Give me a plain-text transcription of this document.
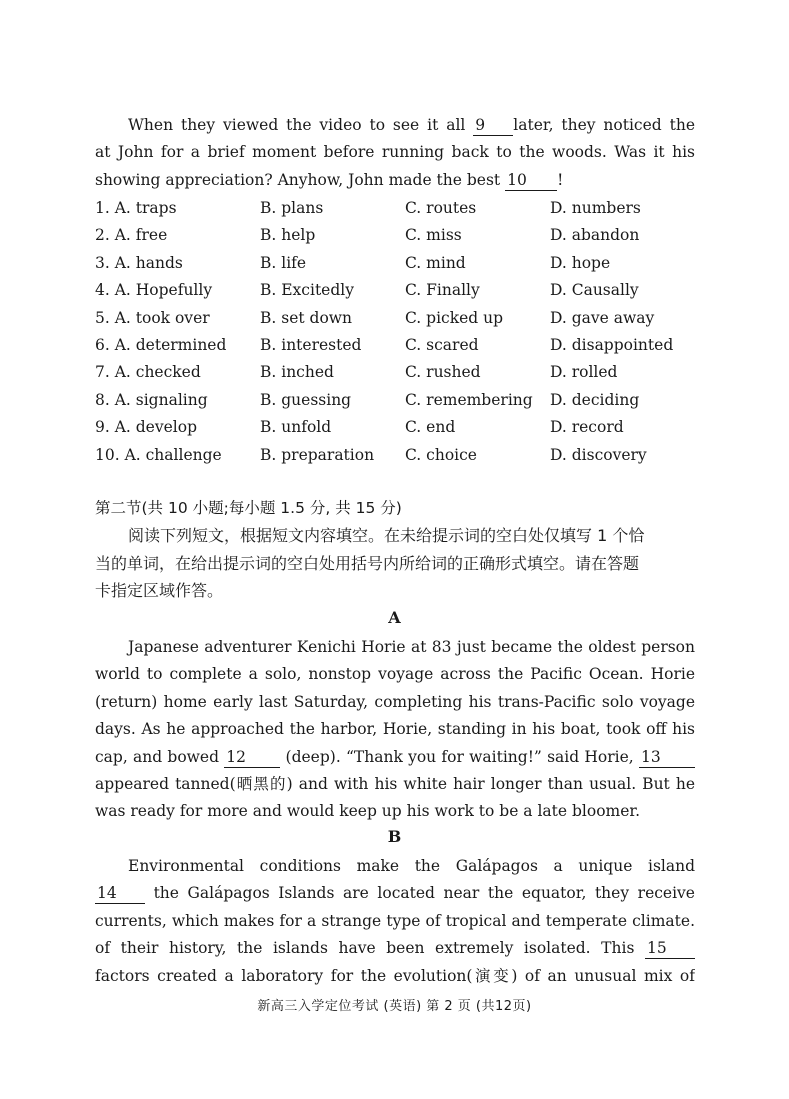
When they viewed the video to see it all 9 later, they noticed the
at John for a brief moment before running back to the woods. Was it his
showing appreciation? Anyhow, John made the best 10 !
1. A. traps	B. plans	C. routes	D. numbers
2. A. free	B. help	C. miss	D. abandon
3. A. hands	B. life	C. mind	D. hope
4. A. Hopefully	B. Excitedly	C. Finally	D. Causally
5. A. took over	B. set down	C. picked up	D. gave away
6. A. determined B. interested	C. scared	D. disappointed
7. A. checked	B. inched	C. rushed	D. rolled
8. A. signaling	B. guessing	C. remembering D. deciding
9. A. develop	B. unfold	C. end	D. record
10. A. challenge B. preparation C. choice	D. discovery
第二节(共 10 小题;每小题 1.5 分, 共 15 分)
阅读下列短文，根据短文内容填空。在未给提示词的空白处仅填写 1 个恰
当的单词，在给出提示词的空白处用括号内所给词的正确形式填空。请在答题
卡指定区域作答。
A
Japanese adventurer Kenichi Horie at 83 just became the oldest person
world to complete a solo, nonstop voyage across the Pacific Ocean. Horie
(return) home early last Saturday, completing his trans-Pacific solo voyage
days. As he approached the harbor, Horie, standing in his boat, took off his
cap, and bowed 12	(deep). “Thank you for waiting!” said Horie, 13
appeared tanned(晒黑的) and with his white hair longer than usual. But he
was ready for more and would keep up his work to be a late bloomer.
B
Environmental conditions make the Galápagos a unique island
14 the Galápagos Islands are located near the equator, they receive
currents, which makes for a strange type of tropical and temperate climate.
of their history, the islands have been extremely isolated. This 15
factors created a laboratory for the evolution(演变) of an unusual mix of
新高三入学定位考试 (英语) 第 2 页 (共12页)
